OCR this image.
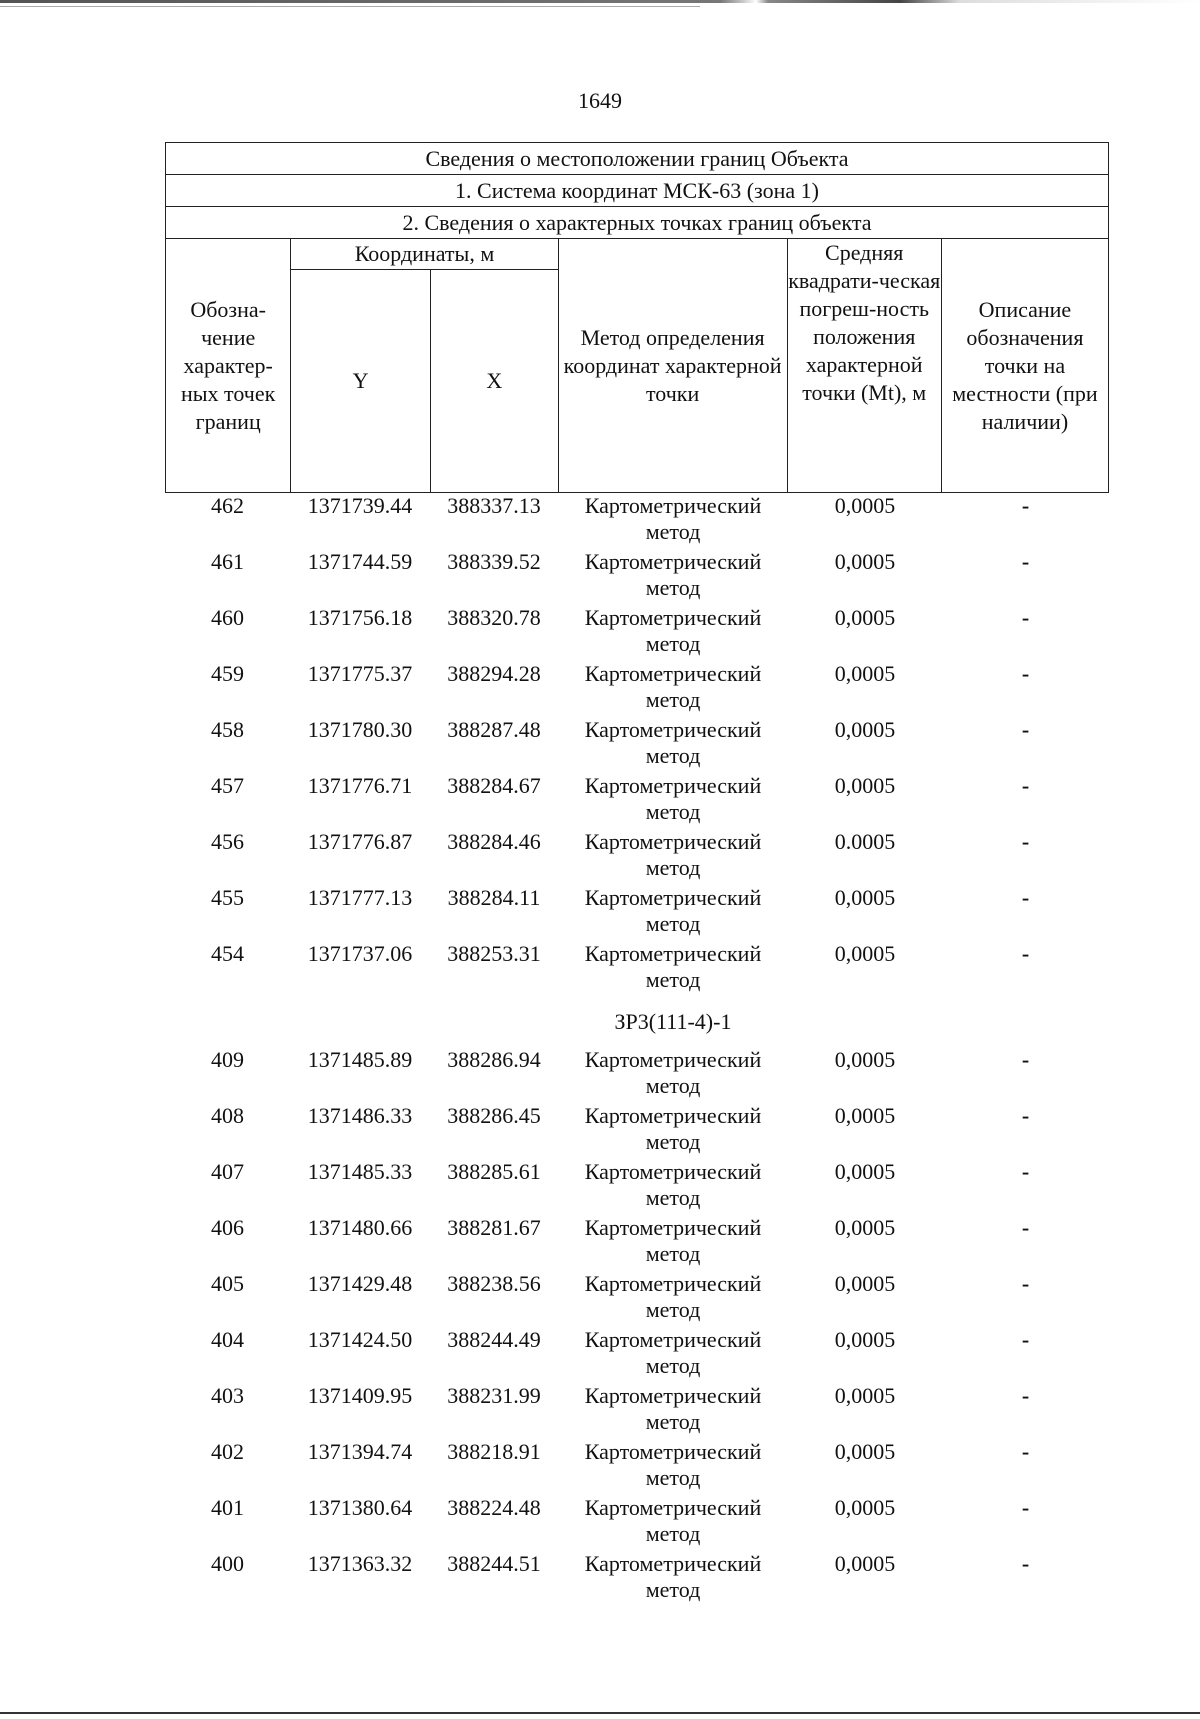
1649
Сведения о местоположении границ Объекта					
1. Система координат МСК-63 (зона 1)					
2. Сведения о характерных точках границ объекта					
Обозна-чение характер-ных точек границ	Координаты, м		Метод определения координат характерной точки	Средняя квадрати-ческая погреш-ность положения характерной точки (Mt), м	Описание обозначения точки на местности (при наличии)
	Y	X			
462	1371739.44	388337.13	Картометрический метод	0,0005	-
461	1371744.59	388339.52	Картометрический метод	0,0005	-
460	1371756.18	388320.78	Картометрический метод	0,0005	-
459	1371775.37	388294.28	Картометрический метод	0,0005	-
458	1371780.30	388287.48	Картометрический метод	0,0005	-
457	1371776.71	388284.67	Картометрический метод	0,0005	-
456	1371776.87	388284.46	Картометрический метод	0.0005	-
455	1371777.13	388284.11	Картометрический метод	0,0005	-
454	1371737.06	388253.31	Картометрический метод	0,0005	-
			ЗР3(111-4)-1		
409	1371485.89	388286.94	Картометрический метод	0,0005	-
408	1371486.33	388286.45	Картометрический метод	0,0005	-
407	1371485.33	388285.61	Картометрический метод	0,0005	-
406	1371480.66	388281.67	Картометрический метод	0,0005	-
405	1371429.48	388238.56	Картометрический метод	0,0005	-
404	1371424.50	388244.49	Картометрический метод	0,0005	-
403	1371409.95	388231.99	Картометрический метод	0,0005	-
402	1371394.74	388218.91	Картометрический метод	0,0005	-
401	1371380.64	388224.48	Картометрический метод	0,0005	-
400	1371363.32	388244.51	Картометрический метод	0,0005	-
